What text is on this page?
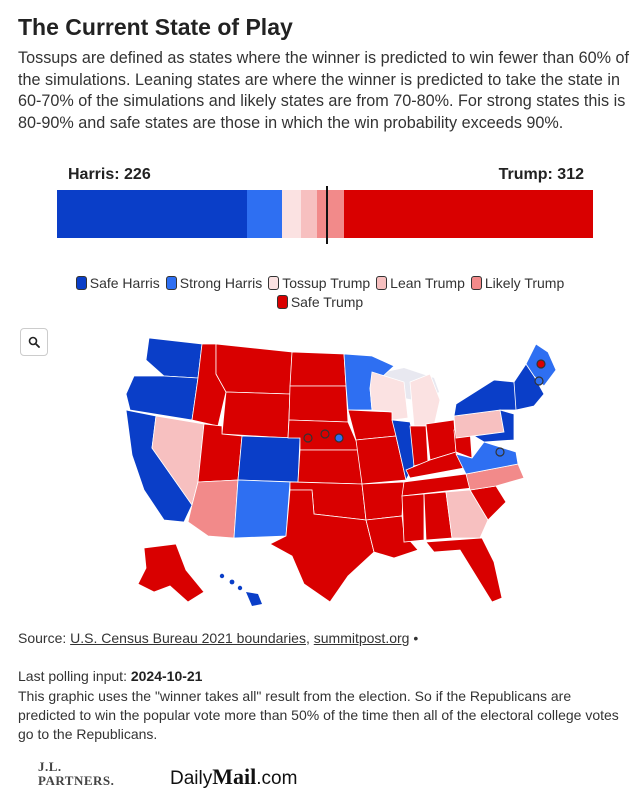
The Current State of Play
Tossups are defined as states where the winner is predicted to win fewer than 60% of the simulations. Leaning states are where the winner is predicted to take the state in 60-70% of the simulations and likely states are from 70-80%. For strong states this is 80-90% and safe states are those in which the win probability exceeds 90%.
Harris: 226	Trump: 312
Safe Harris Strong Harris Tossup Trump Lean Trump Likely Trump
Safe Trump
Source: U.S. Census Bureau 2021 boundaries, summitpost.org •
Last polling input: 2024-10-21
This graphic uses the "winner takes all" result from the election. So if the Republicans are predicted to win the popular vote more than 50% of the time then all of the electoral college votes go to the Republicans.
J.L.
PARTNERS.	DailyMail.com
